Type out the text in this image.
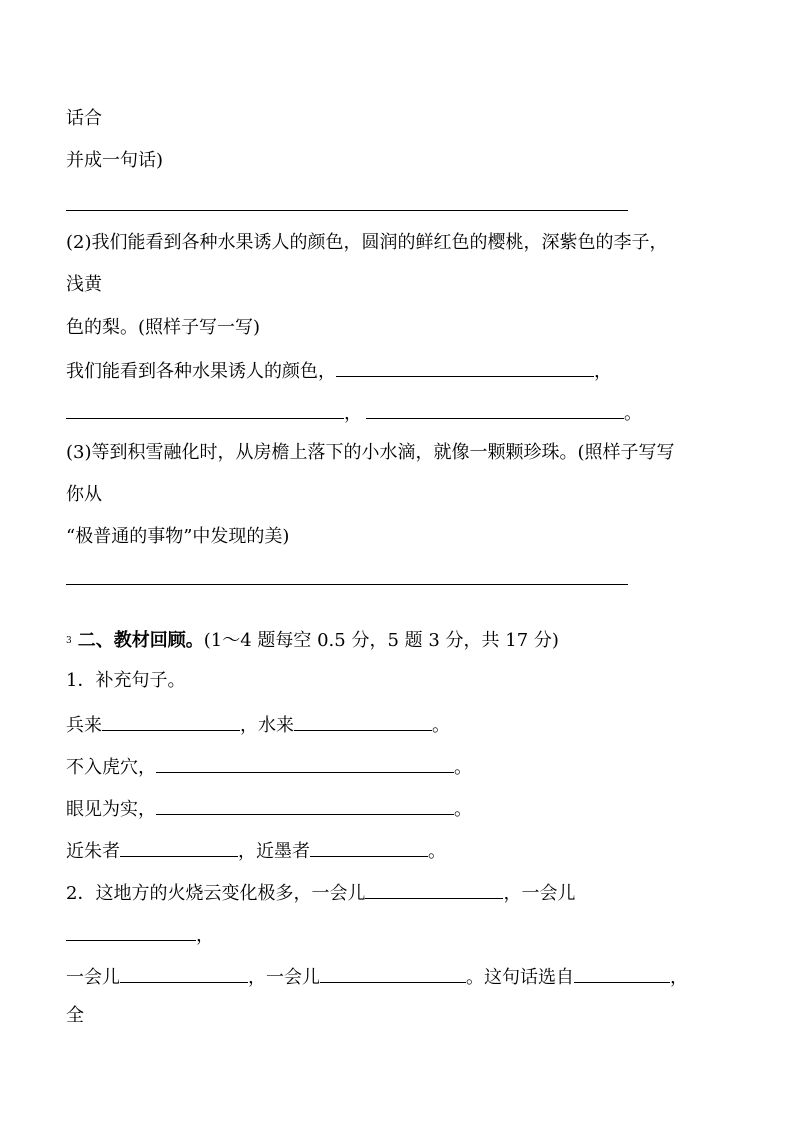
话合
并成一句话)
(2)我们能看到各种水果诱人的颜色，圆润的鲜红色的樱桃，深紫色的李子，
浅黄
色的梨。(照样子写一写)
我们能看到各种水果诱人的颜色，	，
，	。
(3)等到积雪融化时，从房檐上落下的小水滴，就像一颗颗珍珠。(照样子写写
你从
“极普通的事物”中发现的美)
3 二、教材回顾。(1～4 题每空 0.5 分，5 题 3 分，共 17 分)
1．补充句子。
兵来	，水来	。
不入虎穴，	。
眼见为实，	。
近朱者	，近墨者	。
2．这地方的火烧云变化极多，一会儿	，一会儿
，
一会儿	，一会儿	。这句话选自	，
全
